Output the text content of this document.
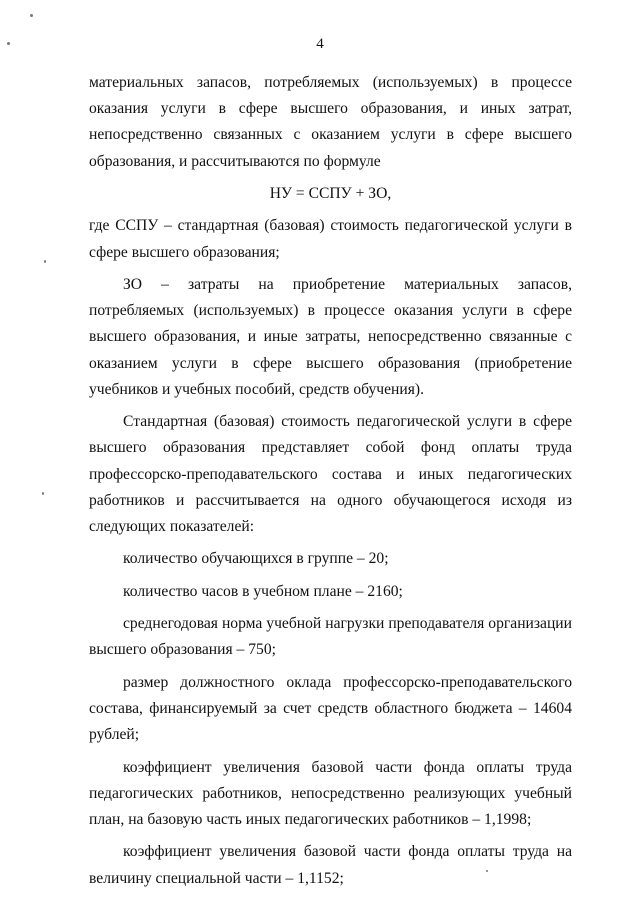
4

материальных запасов, потребляемых (используемых) в процессе оказания услуги в сфере высшего образования, и иных затрат, непосредственно связанных с оказанием услуги в сфере высшего образования, и рассчитываются по формуле

НУ = ССПУ + ЗО,

где ССПУ – стандартная (базовая) стоимость педагогической услуги в сфере высшего образования;

ЗО – затраты на приобретение материальных запасов, потребляемых (используемых) в процессе оказания услуги в сфере высшего образования, и иные затраты, непосредственно связанные с оказанием услуги в сфере высшего образования (приобретение учебников и учебных пособий, средств обучения).

Стандартная (базовая) стоимость педагогической услуги в сфере высшего образования представляет собой фонд оплаты труда профессорско-преподавательского состава и иных педагогических работников и рассчитывается на одного обучающегося исходя из следующих показателей:

количество обучающихся в группе – 20;

количество часов в учебном плане – 2160;

среднегодовая норма учебной нагрузки преподавателя организации высшего образования – 750;

размер должностного оклада профессорско-преподавательского состава, финансируемый за счет средств областного бюджета – 14604 рублей;

коэффициент увеличения базовой части фонда оплаты труда педагогических работников, непосредственно реализующих учебный план, на базовую часть иных педагогических работников – 1,1998;

коэффициент увеличения базовой части фонда оплаты труда на величину специальной части – 1,1152;
